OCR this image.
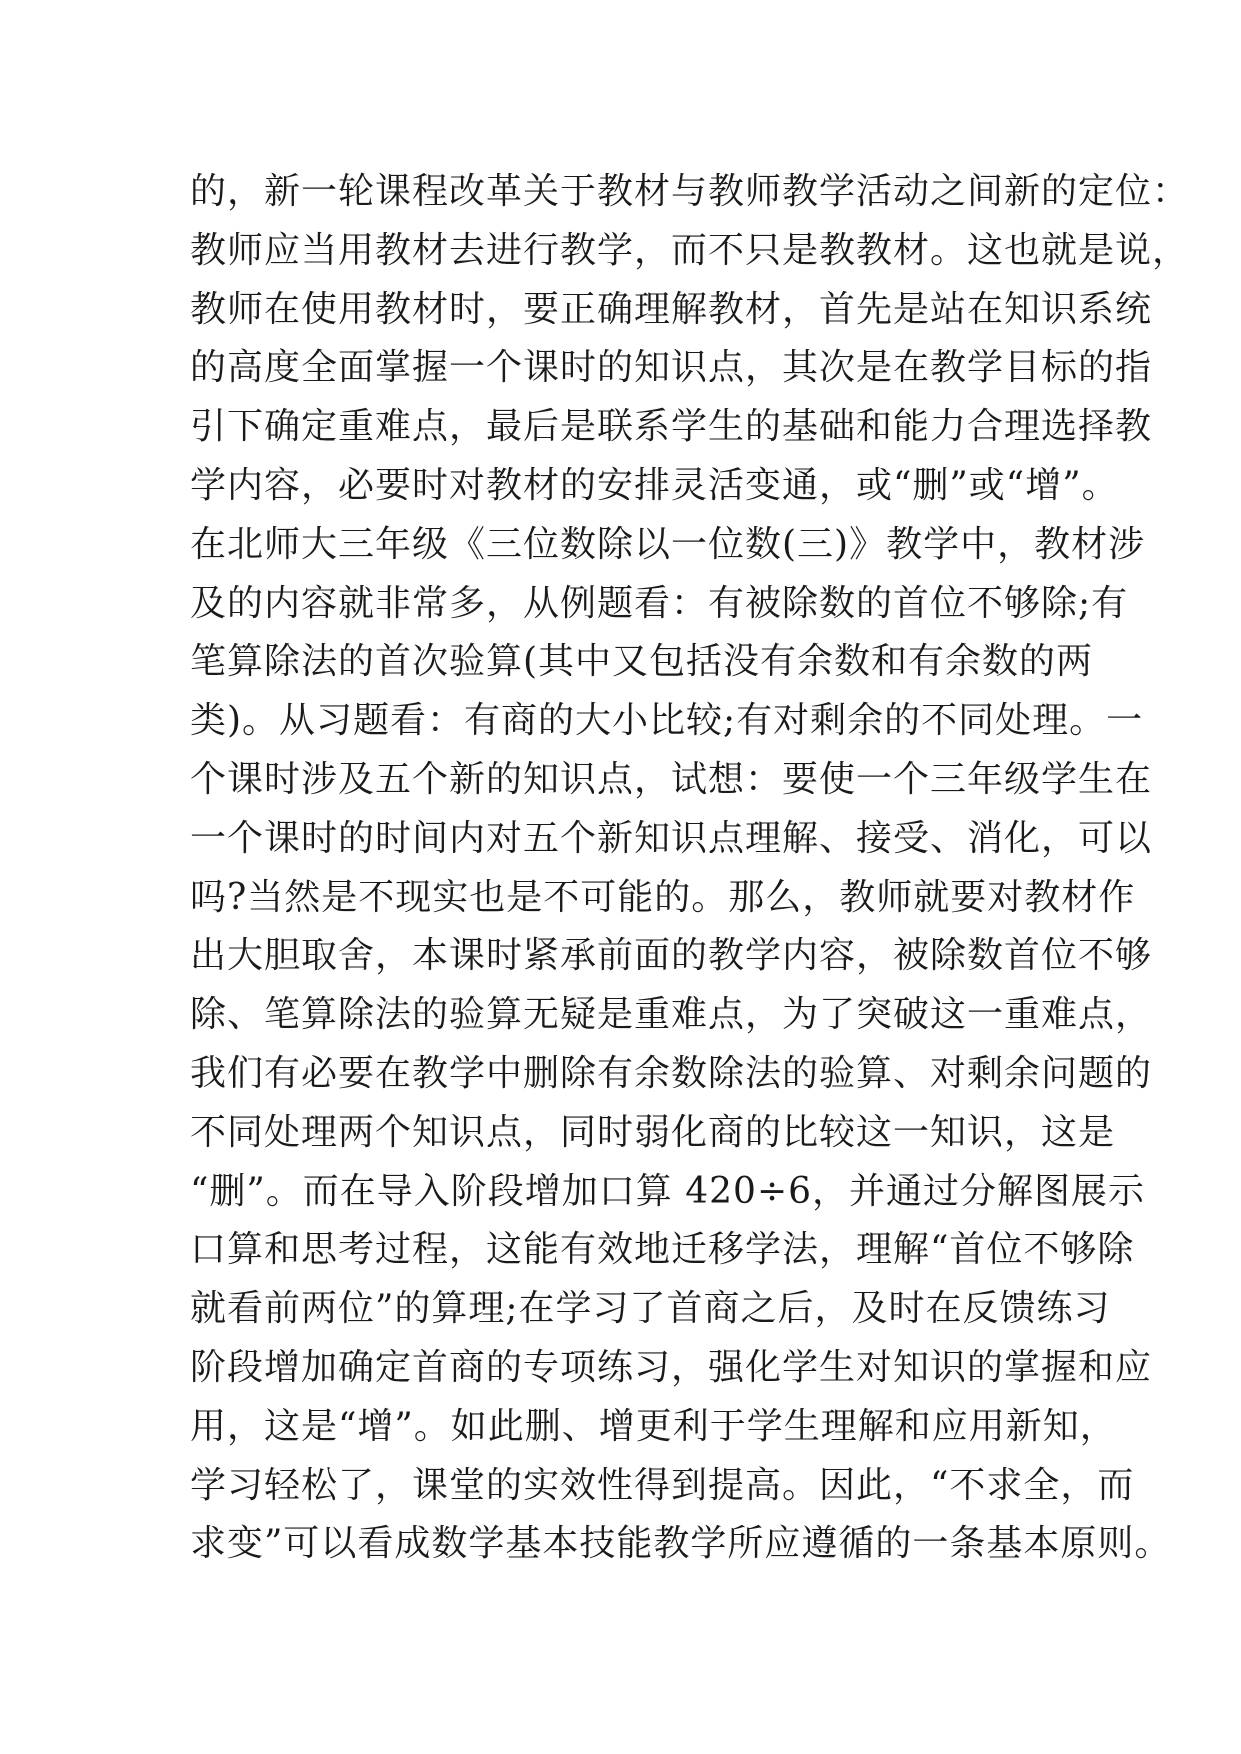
的，新一轮课程改革关于教材与教师教学活动之间新的定位：
教师应当用教材去进行教学，而不只是教教材。这也就是说，
教师在使用教材时，要正确理解教材，首先是站在知识系统
的高度全面掌握一个课时的知识点，其次是在教学目标的指
引下确定重难点，最后是联系学生的基础和能力合理选择教
学内容，必要时对教材的安排灵活变通，或“删”或“增”。
在北师大三年级《三位数除以一位数(三)》教学中，教材涉
及的内容就非常多，从例题看：有被除数的首位不够除;有
笔算除法的首次验算(其中又包括没有余数和有余数的两
类)。从习题看：有商的大小比较;有对剩余的不同处理。一
个课时涉及五个新的知识点，试想：要使一个三年级学生在
一个课时的时间内对五个新知识点理解、接受、消化，可以
吗?当然是不现实也是不可能的。那么，教师就要对教材作
出大胆取舍，本课时紧承前面的教学内容，被除数首位不够
除、笔算除法的验算无疑是重难点，为了突破这一重难点，
我们有必要在教学中删除有余数除法的验算、对剩余问题的
不同处理两个知识点，同时弱化商的比较这一知识，这是
“删”。而在导入阶段增加口算 420÷6，并通过分解图展示
口算和思考过程，这能有效地迁移学法，理解“首位不够除
就看前两位”的算理;在学习了首商之后，及时在反馈练习
阶段增加确定首商的专项练习，强化学生对知识的掌握和应
用，这是“增”。如此删、增更利于学生理解和应用新知，
学习轻松了，课堂的实效性得到提高。因此，“不求全，而
求变”可以看成数学基本技能教学所应遵循的一条基本原则。
